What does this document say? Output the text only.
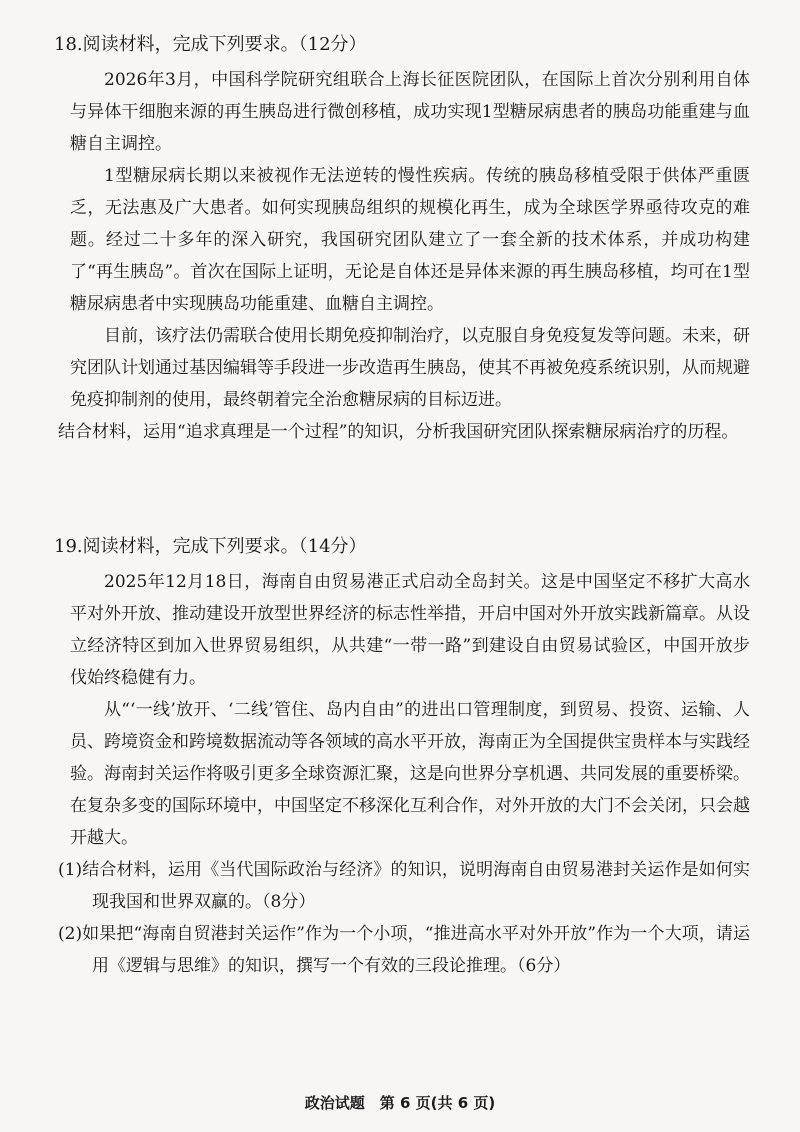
18.阅读材料，完成下列要求。（12分）

2026年3月，中国科学院研究组联合上海长征医院团队，在国际上首次分别利用自体与异体干细胞来源的再生胰岛进行微创移植，成功实现1型糖尿病患者的胰岛功能重建与血糖自主调控。

1型糖尿病长期以来被视作无法逆转的慢性疾病。传统的胰岛移植受限于供体严重匮乏，无法惠及广大患者。如何实现胰岛组织的规模化再生，成为全球医学界亟待攻克的难题。经过二十多年的深入研究，我国研究团队建立了一套全新的技术体系，并成功构建了“再生胰岛”。首次在国际上证明，无论是自体还是异体来源的再生胰岛移植，均可在1型糖尿病患者中实现胰岛功能重建、血糖自主调控。

目前，该疗法仍需联合使用长期免疫抑制治疗，以克服自身免疫复发等问题。未来，研究团队计划通过基因编辑等手段进一步改造再生胰岛，使其不再被免疫系统识别，从而规避免疫抑制剂的使用，最终朝着完全治愈糖尿病的目标迈进。

结合材料，运用“追求真理是一个过程”的知识，分析我国研究团队探索糖尿病治疗的历程。

19.阅读材料，完成下列要求。（14分）

2025年12月18日，海南自由贸易港正式启动全岛封关。这是中国坚定不移扩大高水平对外开放、推动建设开放型世界经济的标志性举措，开启中国对外开放实践新篇章。从设立经济特区到加入世界贸易组织，从共建“一带一路”到建设自由贸易试验区，中国开放步伐始终稳健有力。

从“‘一线’放开、‘二线’管住、岛内自由”的进出口管理制度，到贸易、投资、运输、人员、跨境资金和跨境数据流动等各领域的高水平开放，海南正为全国提供宝贵样本与实践经验。海南封关运作将吸引更多全球资源汇聚，这是向世界分享机遇、共同发展的重要桥梁。在复杂多变的国际环境中，中国坚定不移深化互利合作，对外开放的大门不会关闭，只会越开越大。

(1)结合材料，运用《当代国际政治与经济》的知识，说明海南自由贸易港封关运作是如何实现我国和世界双赢的。（8分）

(2)如果把“海南自贸港封关运作”作为一个小项，“推进高水平对外开放”作为一个大项，请运用《逻辑与思维》的知识，撰写一个有效的三段论推理。（6分）

政治试题　第 6 页(共 6 页)
